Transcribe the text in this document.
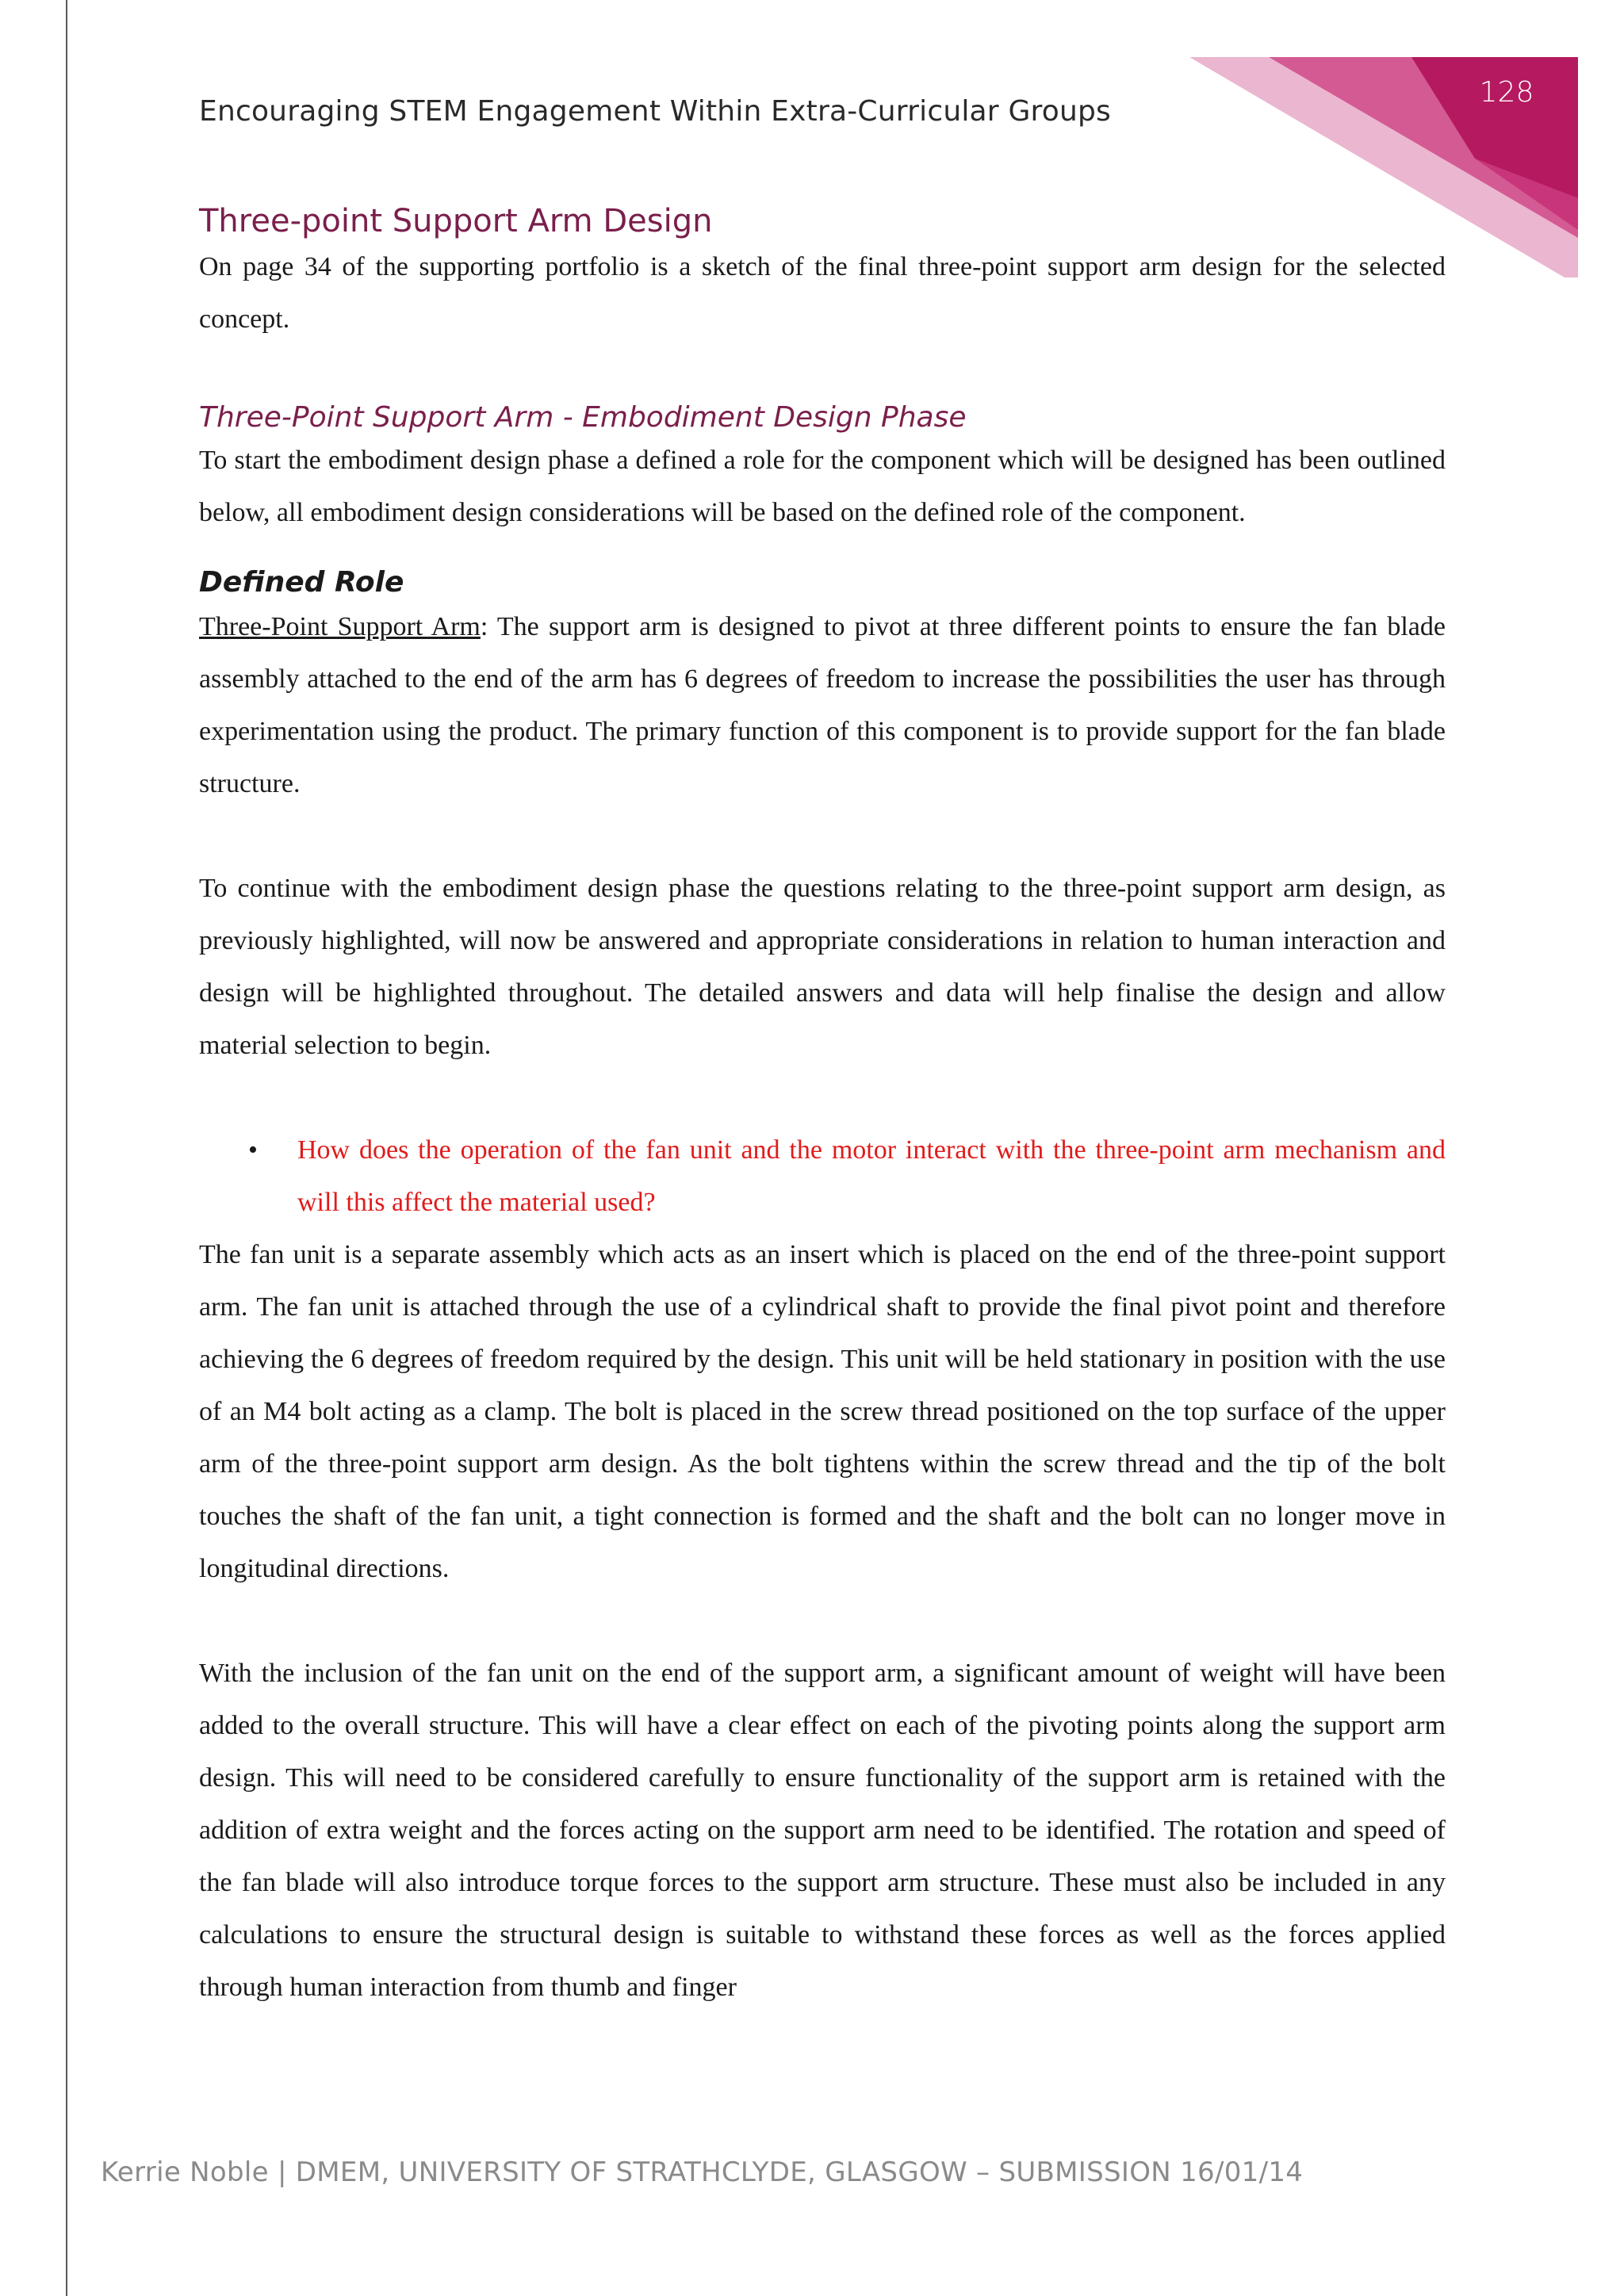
128
Encouraging STEM Engagement Within Extra-Curricular Groups
Three-point Support Arm Design

On page 34 of the supporting portfolio is a sketch of the final three-point support arm design for the selected concept.

Three-Point Support Arm - Embodiment Design Phase

To start the embodiment design phase a defined a role for the component which will be designed has been outlined below, all embodiment design considerations will be based on the defined role of the component.

Defined Role

Three-Point Support Arm: The support arm is designed to pivot at three different points to ensure the fan blade assembly attached to the end of the arm has 6 degrees of freedom to increase the possibilities the user has through experimentation using the product. The primary function of this component is to provide support for the fan blade structure.

To continue with the embodiment design phase the questions relating to the three-point support arm design, as previously highlighted, will now be answered and appropriate considerations in relation to human interaction and design will be highlighted throughout. The detailed answers and data will help finalise the design and allow material selection to begin.

• How does the operation of the fan unit and the motor interact with the three-point arm mechanism and will this affect the material used?

The fan unit is a separate assembly which acts as an insert which is placed on the end of the three-point support arm. The fan unit is attached through the use of a cylindrical shaft to provide the final pivot point and therefore achieving the 6 degrees of freedom required by the design. This unit will be held stationary in position with the use of an M4 bolt acting as a clamp. The bolt is placed in the screw thread positioned on the top surface of the upper arm of the three-point support arm design. As the bolt tightens within the screw thread and the tip of the bolt touches the shaft of the fan unit, a tight connection is formed and the shaft and the bolt can no longer move in longitudinal directions.

With the inclusion of the fan unit on the end of the support arm, a significant amount of weight will have been added to the overall structure. This will have a clear effect on each of the pivoting points along the support arm design. This will need to be considered carefully to ensure functionality of the support arm is retained with the addition of extra weight and the forces acting on the support arm need to be identified. The rotation and speed of the fan blade will also introduce torque forces to the support arm structure. These must also be included in any calculations to ensure the structural design is suitable to withstand these forces as well as the forces applied through human interaction from thumb and finger

Kerrie Noble | DMEM, UNIVERSITY OF STRATHCLYDE, GLASGOW – SUBMISSION 16/01/14
